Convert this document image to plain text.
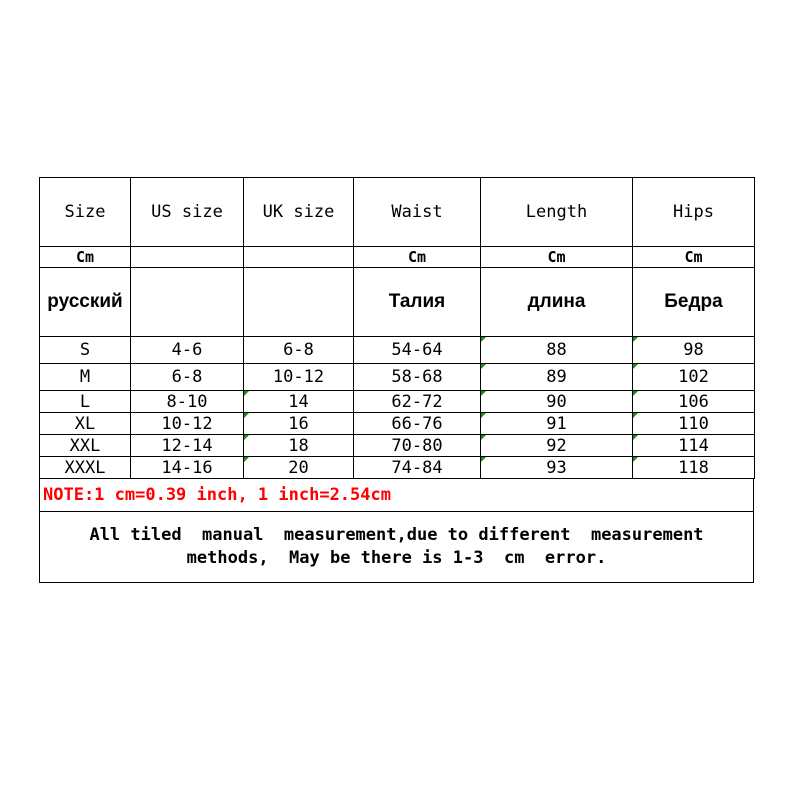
Size	US size	UK size	Waist	Length	Hips
Cm			Cm	Cm	Cm
русский			Талия	длина	Бедра
S	4-6	6-8	54-64	88	98
M	6-8	10-12	58-68	89	102
L	8-10	14	62-72	90	106
XL	10-12	16	66-76	91	110
XXL	12-14	18	70-80	92	114
XXXL	14-16	20	74-84	93	118
NOTE:1 cm=0.39 inch, 1 inch=2.54cm
All tiled  manual  measurement,due to different  measurement
methods,  May be there is 1-3  cm  error.
